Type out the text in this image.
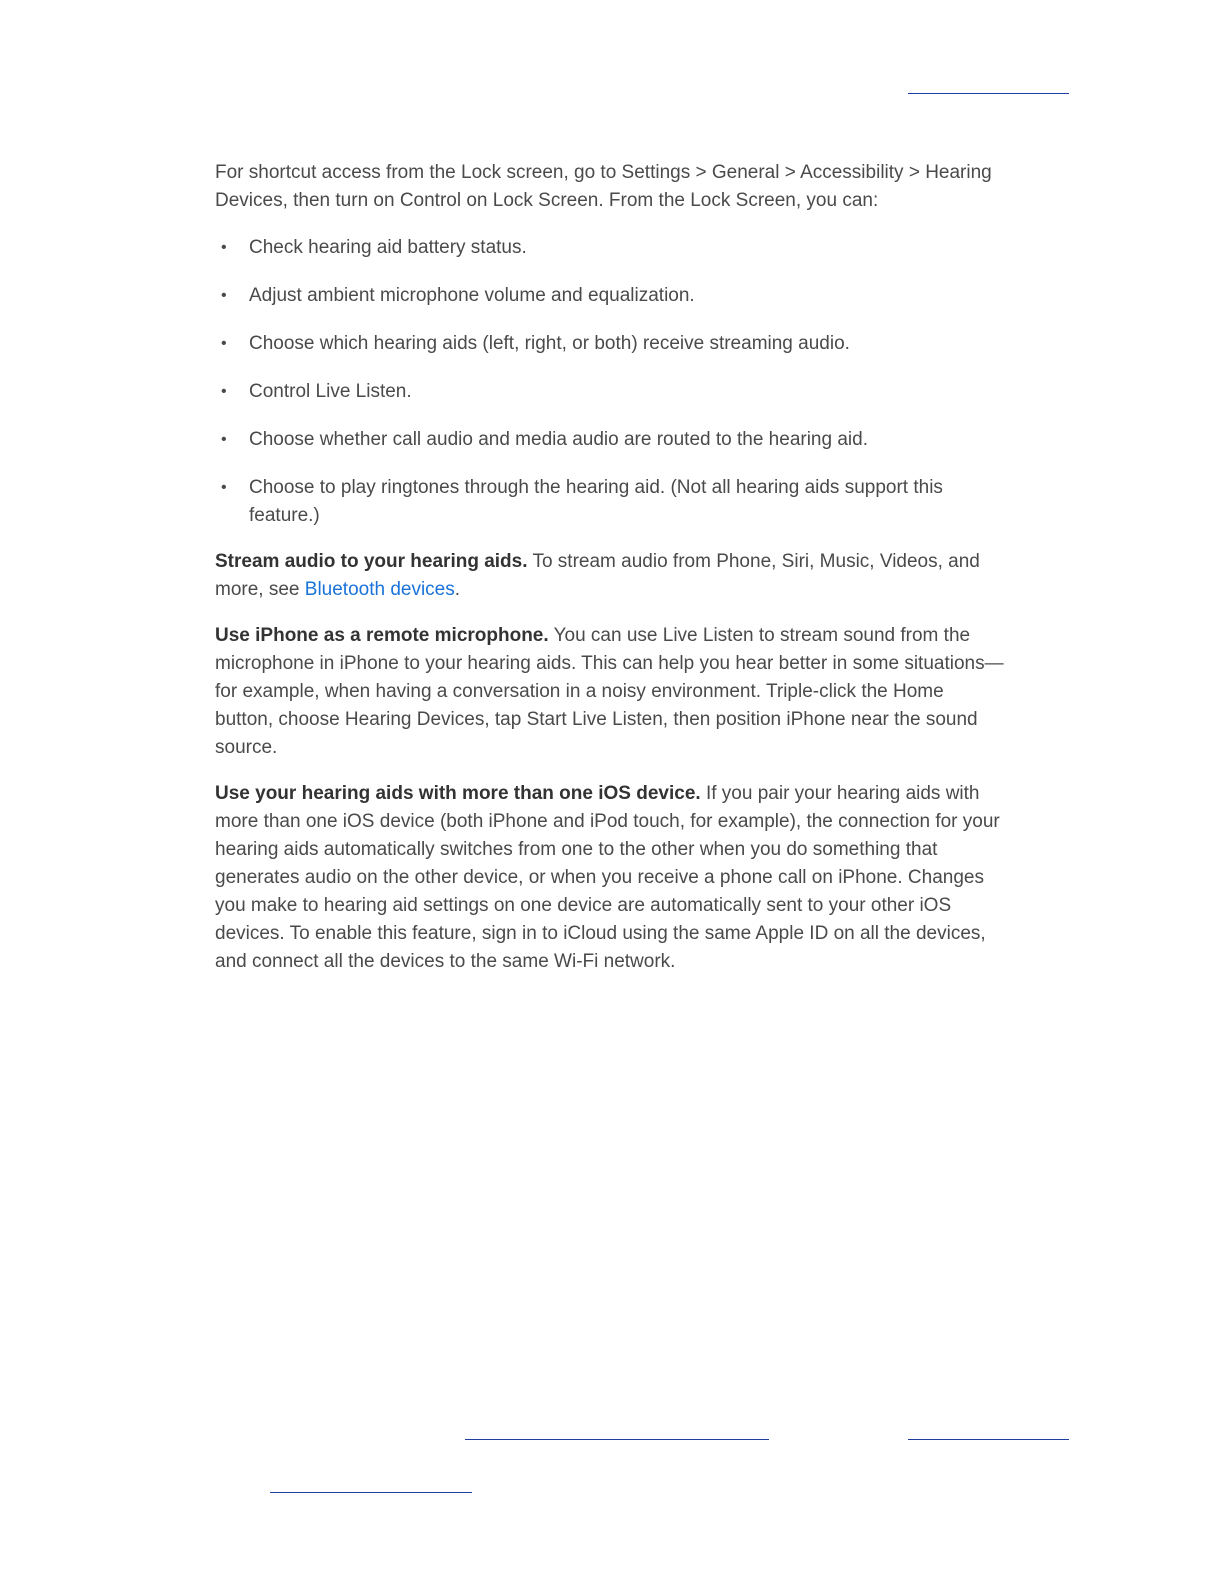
For shortcut access from the Lock screen, go to Settings > General > Accessibility > Hearing Devices, then turn on Control on Lock Screen. From the Lock Screen, you can:

• Check hearing aid battery status.
• Adjust ambient microphone volume and equalization.
• Choose which hearing aids (left, right, or both) receive streaming audio.
• Control Live Listen.
• Choose whether call audio and media audio are routed to the hearing aid.
• Choose to play ringtones through the hearing aid. (Not all hearing aids support this feature.)

Stream audio to your hearing aids. To stream audio from Phone, Siri, Music, Videos, and more, see Bluetooth devices.

Use iPhone as a remote microphone. You can use Live Listen to stream sound from the microphone in iPhone to your hearing aids. This can help you hear better in some situations—for example, when having a conversation in a noisy environment. Triple-click the Home button, choose Hearing Devices, tap Start Live Listen, then position iPhone near the sound source.

Use your hearing aids with more than one iOS device. If you pair your hearing aids with more than one iOS device (both iPhone and iPod touch, for example), the connection for your hearing aids automatically switches from one to the other when you do something that generates audio on the other device, or when you receive a phone call on iPhone. Changes you make to hearing aid settings on one device are automatically sent to your other iOS devices. To enable this feature, sign in to iCloud using the same Apple ID on all the devices, and connect all the devices to the same Wi-Fi network.
